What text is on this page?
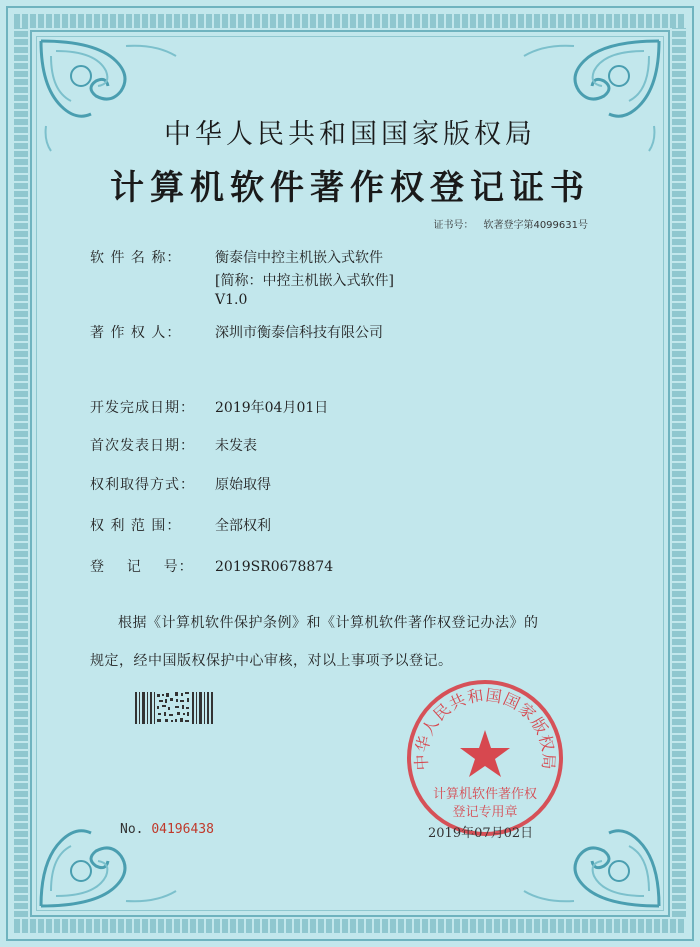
中华人民共和国国家版权局
计算机软件著作权登记证书
证书号： 软著登字第4099631号
软 件 名 称： 衡泰信中控主机嵌入式软件
[简称：中控主机嵌入式软件]
V1.0
著 作 权 人： 深圳市衡泰信科技有限公司
开发完成日期： 2019年04月01日
首次发表日期： 未发表
权利取得方式： 原始取得
权 利 范 围： 全部权利
登    记    号： 2019SR0678874
根据《计算机软件保护条例》和《计算机软件著作权登记办法》的
规定，经中国版权保护中心审核，对以上事项予以登记。
No. 04196438
中华人民共和国国家版权局
计算机软件著作权
登记专用章
2019年07月02日
